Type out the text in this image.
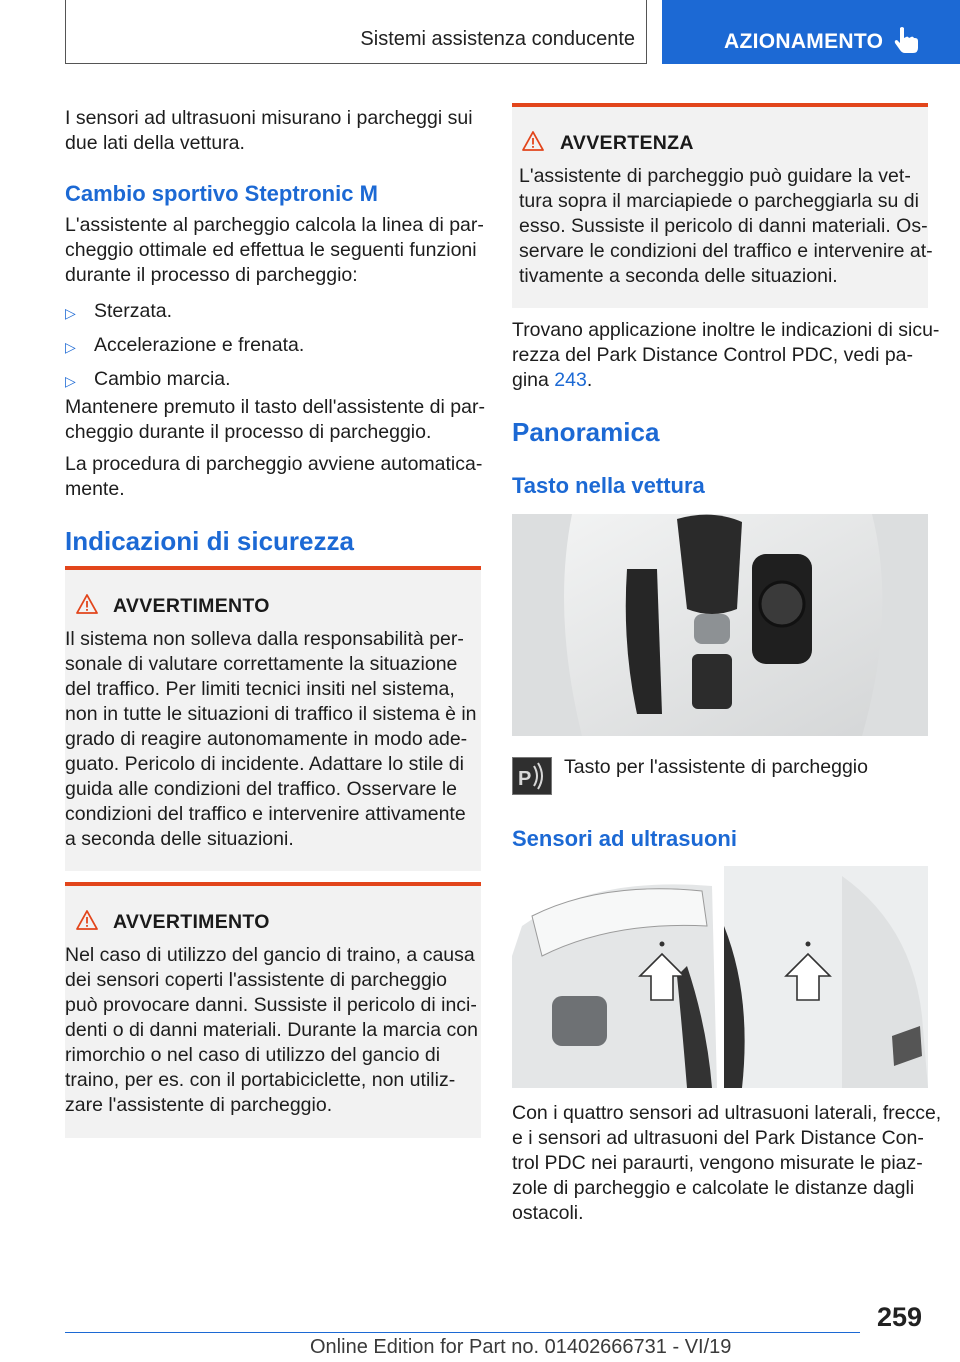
Sistemi assistenza conducente	AZIONAMENTO
I sensori ad ultrasuoni misurano i parcheggi sui
due lati della vettura.
Cambio sportivo Steptronic M
L'assistente al parcheggio calcola la linea di par-
cheggio ottimale ed effettua le seguenti funzioni
durante il processo di parcheggio:
▷ Sterzata.
▷ Accelerazione e frenata.
▷ Cambio marcia.
Mantenere premuto il tasto dell'assistente di par-
cheggio durante il processo di parcheggio.
La procedura di parcheggio avviene automatica-
mente.
Indicazioni di sicurezza
AVVERTIMENTO
Il sistema non solleva dalla responsabilità per-
sonale di valutare correttamente la situazione
del traffico. Per limiti tecnici insiti nel sistema,
non in tutte le situazioni di traffico il sistema è in
grado di reagire autonomamente in modo ade-
guato. Pericolo di incidente. Adattare lo stile di
guida alle condizioni del traffico. Osservare le
condizioni del traffico e intervenire attivamente
a seconda delle situazioni.
AVVERTIMENTO
Nel caso di utilizzo del gancio di traino, a causa
dei sensori coperti l'assistente di parcheggio
può provocare danni. Sussiste il pericolo di inci-
denti o di danni materiali. Durante la marcia con
rimorchio o nel caso di utilizzo del gancio di
traino, per es. con il portabiciclette, non utiliz-
zare l'assistente di parcheggio.
AVVERTENZA
L'assistente di parcheggio può guidare la vet-
tura sopra il marciapiede o parcheggiarla su di
esso. Sussiste il pericolo di danni materiali. Os-
servare le condizioni del traffico e intervenire at-
tivamente a seconda delle situazioni.
Trovano applicazione inoltre le indicazioni di sicu-
rezza del Park Distance Control PDC, vedi pa-
gina 243.
Panoramica
Tasto nella vettura
P
Tasto per l'assistente di parcheggio
Sensori ad ultrasuoni
Con i quattro sensori ad ultrasuoni laterali, frecce,
e i sensori ad ultrasuoni del Park Distance Con-
trol PDC nei paraurti, vengono misurate le piaz-
zole di parcheggio e calcolate le distanze dagli
ostacoli.
259
Online Edition for Part no. 01402666731 - VI/19
